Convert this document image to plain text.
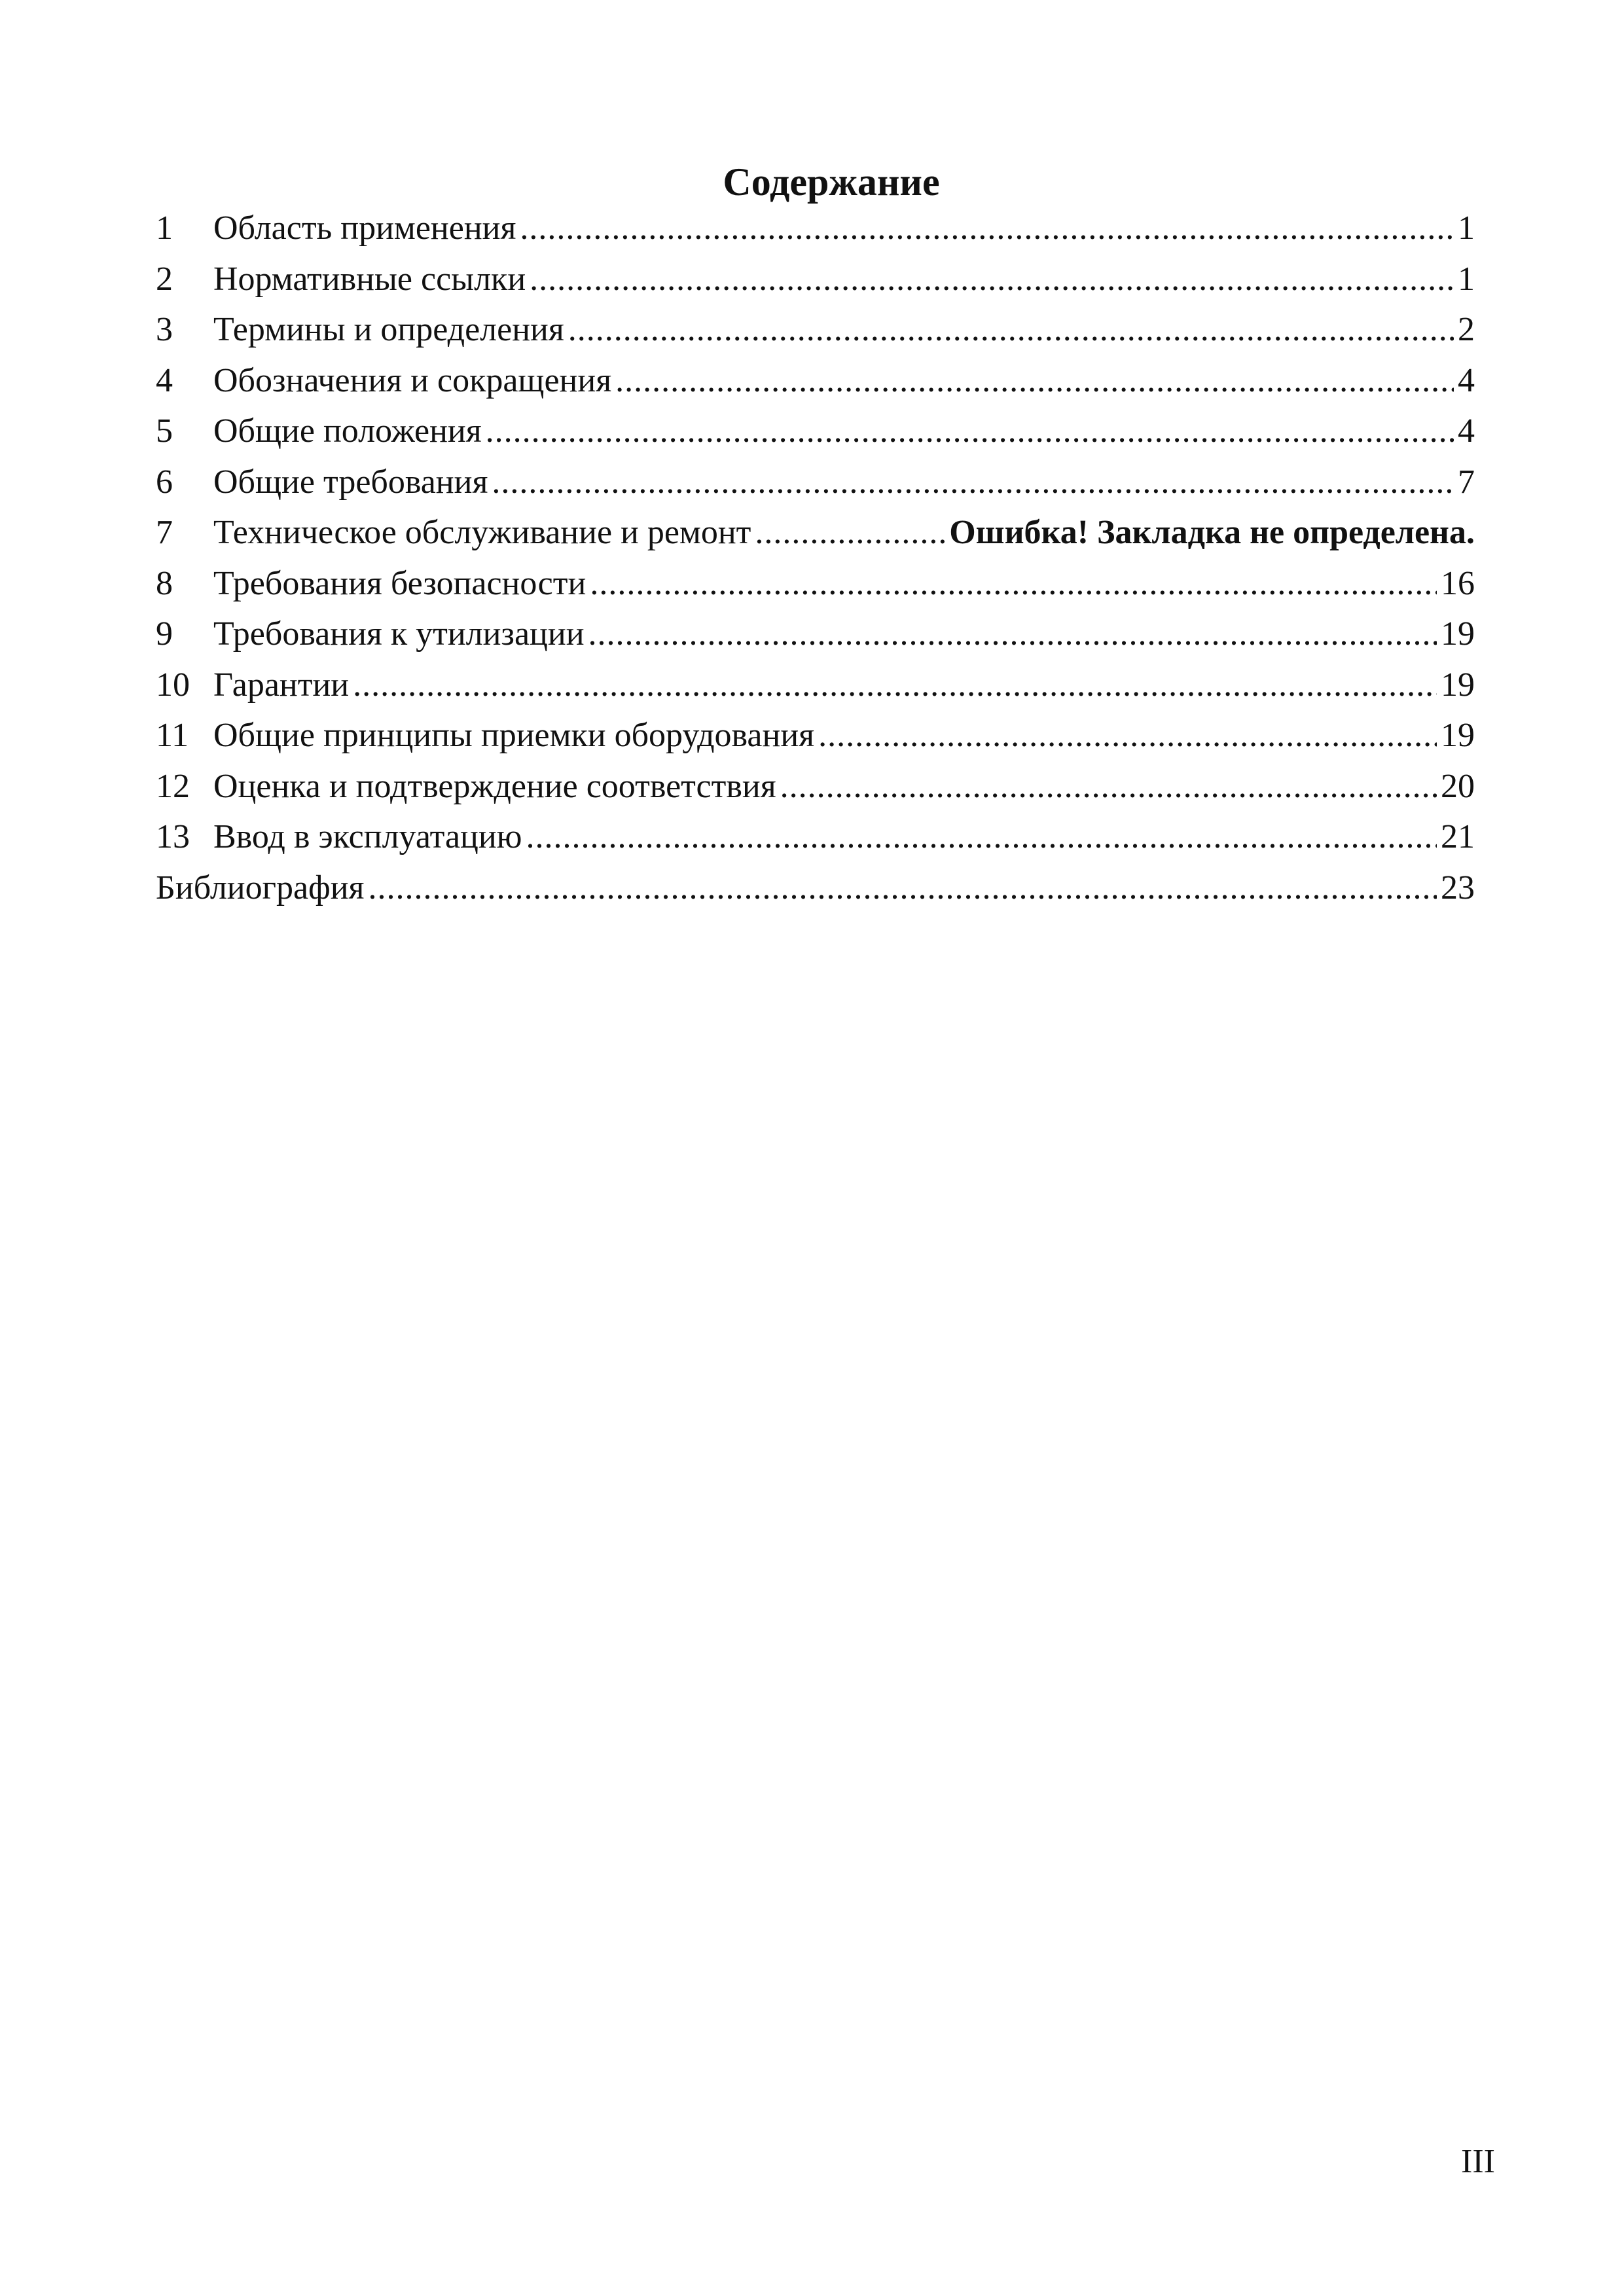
Содержание
1	Область применения .....	1
2	Нормативные ссылки .....	1
3	Термины и определения .....	2
4	Обозначения и сокращения .....	4
5	Общие положения .....	4
6	Общие требования .....	7
7	Техническое обслуживание и ремонт .....	Ошибка! Закладка не определена.
8	Требования безопасности .....	16
9	Требования к утилизации .....	19
10 Гарантии .....	19
11 Общие принципы приемки оборудования .....	19
12 Оценка и подтверждение соответствия .....	20
13 Ввод в эксплуатацию .....	21
Библиография .....	23
III
